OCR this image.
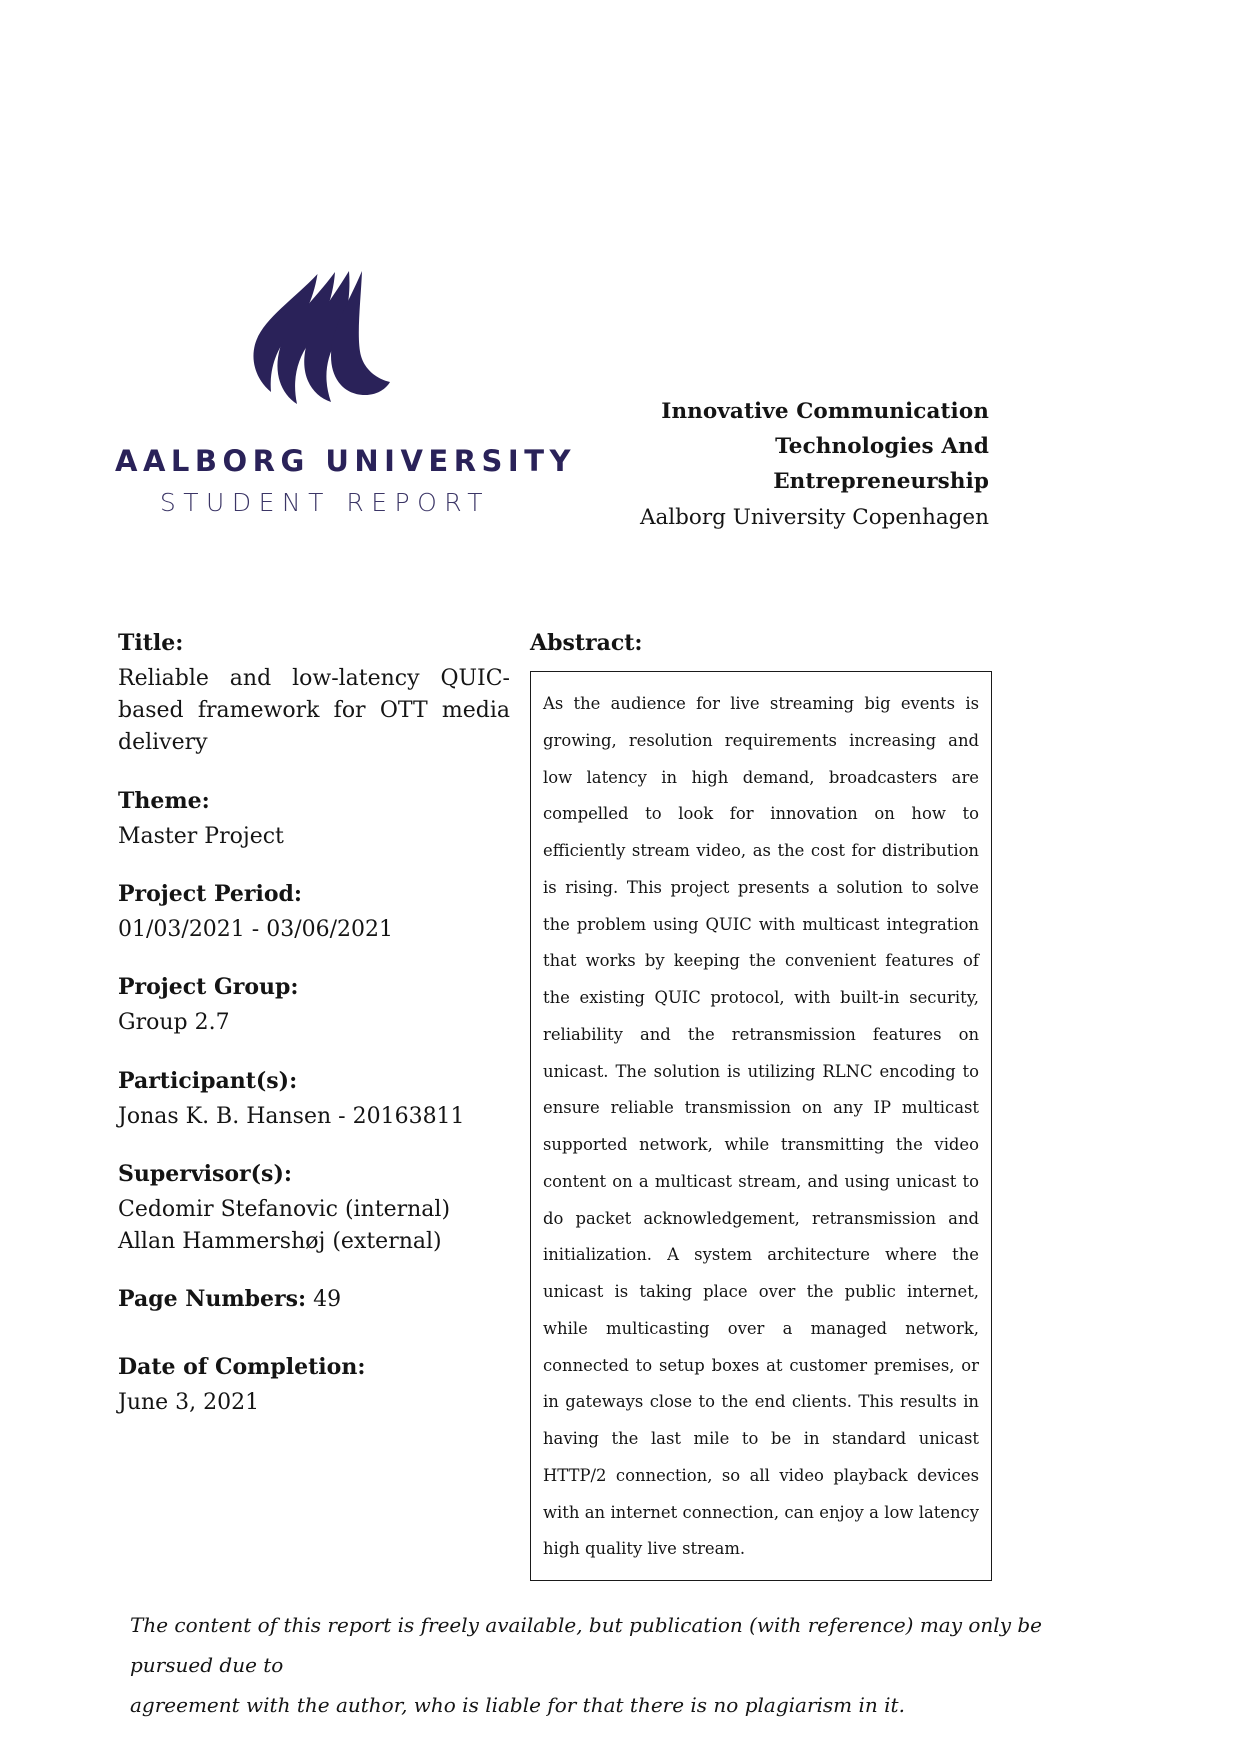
AALBORG UNIVERSITY
STUDENT REPORT
Innovative Communication Technologies And
Entrepreneurship
Aalborg University Copenhagen
Title:
Reliable and low-latency QUIC-based framework for OTT media delivery
Theme:
Master Project
Project Period:
01/03/2021 - 03/06/2021
Project Group:
Group 2.7
Participant(s):
Jonas K. B. Hansen - 20163811
Supervisor(s):
Cedomir Stefanovic (internal)
Allan Hammershøj (external)
Page Numbers: 49
Date of Completion:
June 3, 2021
Abstract:

As the audience for live streaming big events is growing, resolution requirements increasing and low latency in high demand, broadcasters are compelled to look for innovation on how to efficiently stream video, as the cost for distribution is rising. This project presents a solution to solve the problem using QUIC with multicast integration that works by keeping the convenient features of the existing QUIC protocol, with built-in security, reliability and the retransmission features on unicast. The solution is utilizing RLNC encoding to ensure reliable transmission on any IP multicast supported network, while transmitting the video content on a multicast stream, and using unicast to do packet acknowledgement, retransmission and initialization. A system architecture where the unicast is taking place over the public internet, while multicasting over a managed network, connected to setup boxes at customer premises, or in gateways close to the end clients. This results in having the last mile to be in standard unicast HTTP/2 connection, so all video playback devices with an internet connection, can enjoy a low latency high quality live stream.

The content of this report is freely available, but publication (with reference) may only be pursued due to

agreement with the author, who is liable for that there is no plagiarism in it.
